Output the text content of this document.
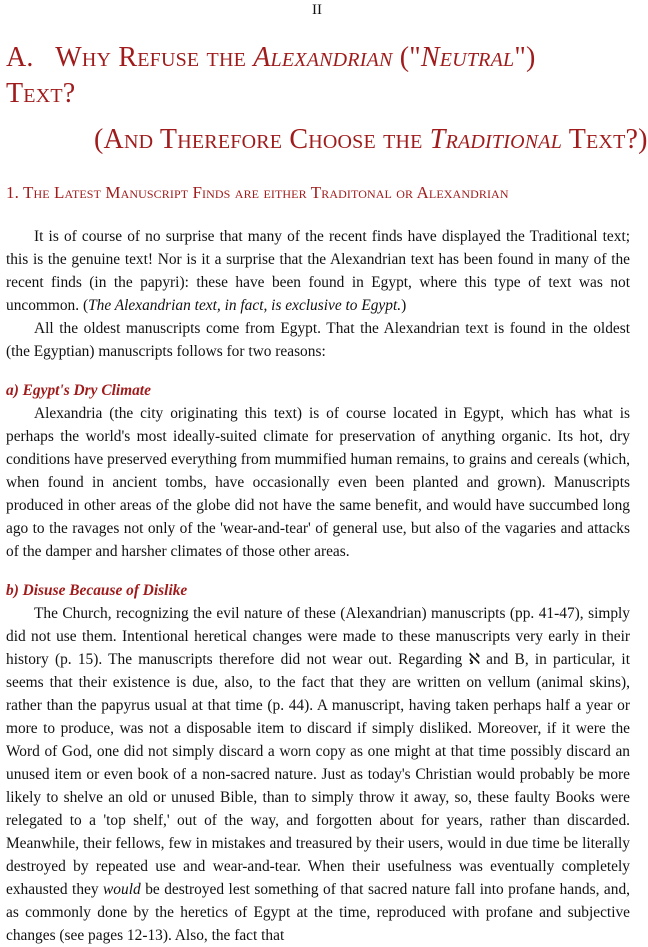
II
A. Why Refuse the Alexandrian ("Neutral")
Text?
(And Therefore Choose the Traditional Text?)
1. The Latest Manuscript Finds are either Traditonal or Alexandrian

It is of course of no surprise that many of the recent finds have displayed the Traditional text; this is the genuine text! Nor is it a surprise that the Alexandrian text has been found in many of the recent finds (in the papyri): these have been found in Egypt, where this type of text was not uncommon. (The Alexandrian text, in fact, is exclusive to Egypt.)

All the oldest manuscripts come from Egypt. That the Alexandrian text is found in the oldest (the Egyptian) manuscripts follows for two reasons:

a) Egypt's Dry Climate

Alexandria (the city originating this text) is of course located in Egypt, which has what is perhaps the world's most ideally-suited climate for preservation of anything organic. Its hot, dry conditions have preserved everything from mummified human remains, to grains and cereals (which, when found in ancient tombs, have occasionally even been planted and grown). Manuscripts produced in other areas of the globe did not have the same benefit, and would have succumbed long ago to the ravages not only of the 'wear-and-tear' of general use, but also of the vagaries and attacks of the damper and harsher climates of those other areas.

b) Disuse Because of Dislike

The Church, recognizing the evil nature of these (Alexandrian) manuscripts (pp. 41-47), simply did not use them. Intentional heretical changes were made to these manuscripts very early in their history (p. 15). The manuscripts therefore did not wear out. Regarding ℵ and B, in particular, it seems that their existence is due, also, to the fact that they are written on vellum (animal skins), rather than the papyrus usual at that time (p. 44). A manuscript, having taken perhaps half a year or more to produce, was not a disposable item to discard if simply disliked. Moreover, if it were the Word of God, one did not simply discard a worn copy as one might at that time possibly discard an unused item or even book of a non-sacred nature. Just as today's Christian would probably be more likely to shelve an old or unused Bible, than to simply throw it away, so, these faulty Books were relegated to a 'top shelf,' out of the way, and forgotten about for years, rather than discarded. Meanwhile, their fellows, few in mistakes and treasured by their users, would in due time be literally destroyed by repeated use and wear-and-tear. When their usefulness was eventually completely exhausted they would be destroyed lest something of that sacred nature fall into profane hands, and, as commonly done by the heretics of Egypt at the time, reproduced with profane and subjective changes (see pages 12-13). Also, the fact that
